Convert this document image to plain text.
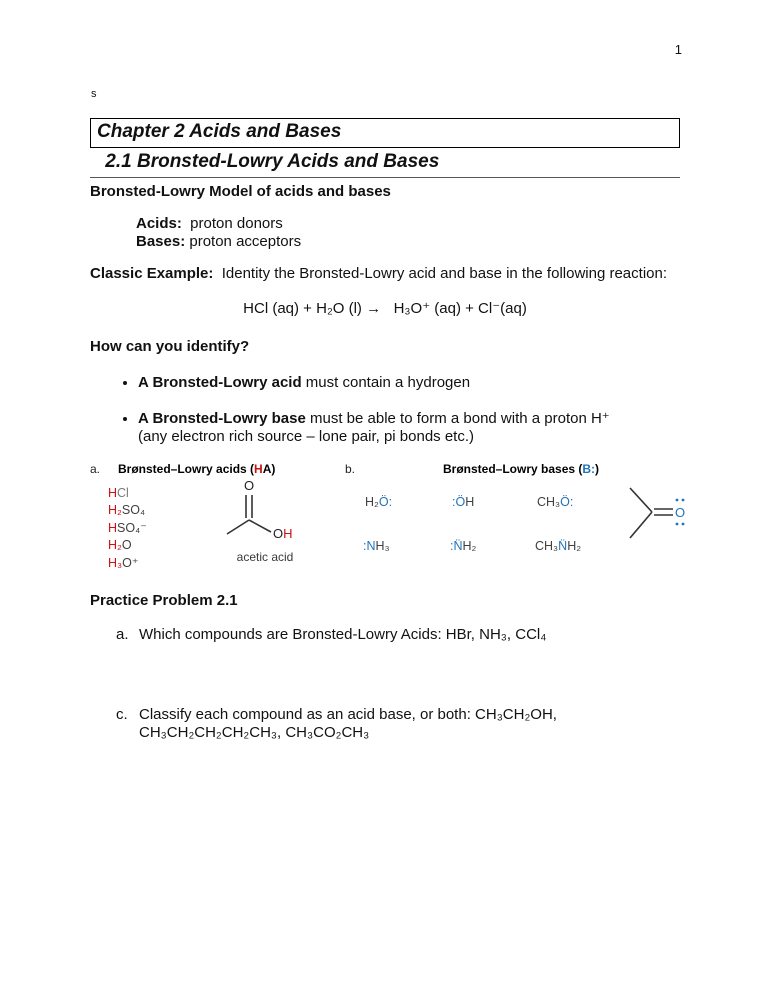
1
s
Chapter 2 Acids and Bases
2.1 Bronsted-Lowry Acids and Bases
Bronsted-Lowry Model of acids and bases
Acids:  proton donors
Bases: proton acceptors
Classic Example:  Identity the Bronsted-Lowry acid and base in the following reaction:
HCl (aq) + H₂O (l) →   H₃O⁺ (aq) + Cl⁻(aq)
How can you identify?
• A Bronsted-Lowry acid must contain a hydrogen
• A Bronsted-Lowry base must be able to form a bond with a proton H⁺ (any electron rich source – lone pair, pi bonds etc.)
a. Brønsted–Lowry acids (HA)	b.	Brønsted–Lowry bases (B:)
HCl
H₂SO₄
HSO₄⁻
H₂O
H₃O⁺
O
OH
acetic acid
H₂Ö:	:ÖH	CH₃Ö:
:NH₃	:N̈H₂	CH₃N̈H₂
O
Practice Problem 2.1
a. Which compounds are Bronsted-Lowry Acids: HBr, NH₃, CCl₄
c. Classify each compound as an acid base, or both: CH₃CH₂OH, CH₃CH₂CH₂CH₂CH₃, CH₃CO₂CH₃
